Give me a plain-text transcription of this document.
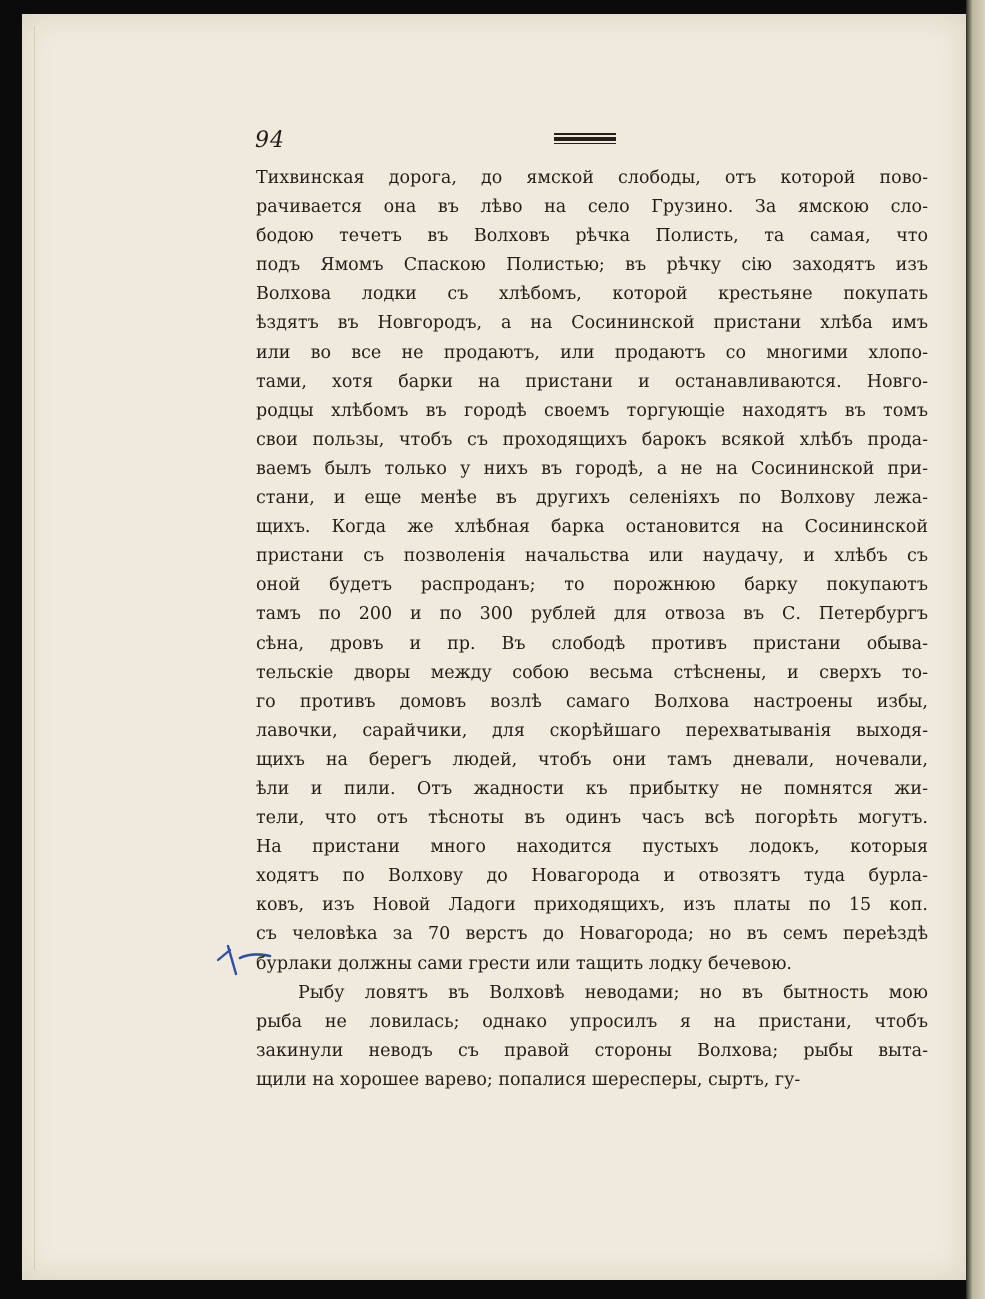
94
Тихвинская дорога, до ямской слободы, отъ которой пово-
рачивается она въ лѣво на село Грузино. За ямскою сло-
бодою течетъ въ Волховъ рѣчка Полисть, та самая, что
подъ Ямомъ Спаскою Полистью; въ рѣчку сію заходятъ изъ
Волхова лодки съ хлѣбомъ, которой крестьяне покупать
ѣздятъ въ Новгородъ, а на Сосининской пристани хлѣба имъ
или во все не продаютъ, или продаютъ со многими хлопо-
тами, хотя барки на пристани и останавливаются. Новго-
родцы хлѣбомъ въ городѣ своемъ торгующіе находятъ въ томъ
свои пользы, чтобъ съ проходящихъ барокъ всякой хлѣбъ прода-
ваемъ былъ только у нихъ въ городѣ, а не на Сосининской при-
стани, и еще менѣе въ другихъ селеніяхъ по Волхову лежа-
щихъ. Когда же хлѣбная барка остановится на Сосининской
пристани съ позволенія начальства или наудачу, и хлѣбъ съ
оной будетъ распроданъ; то порожнюю барку покупаютъ
тамъ по 200 и по 300 рублей для отвоза въ С. Петербургъ
сѣна, дровъ и пр. Въ слободѣ противъ пристани обыва-
тельскіе дворы между собою весьма стѣснены, и сверхъ то-
го противъ домовъ возлѣ самаго Волхова настроены избы,
лавочки, сарайчики, для скорѣйшаго перехватыванія выходя-
щихъ на берегъ людей, чтобъ они тамъ дневали, ночевали,
ѣли и пили. Отъ жадности къ прибытку не помнятся жи-
тели, что отъ тѣсноты въ одинъ часъ всѣ погорѣть могутъ.
На пристани много находится пустыхъ лодокъ, которыя
ходятъ по Волхову до Новагорода и отвозятъ туда бурла-
ковъ, изъ Новой Ладоги приходящихъ, изъ платы по 15 коп.
съ человѣка за 70 верстъ до Новагорода; но въ семъ переѣздѣ
бурлаки должны сами грести или тащить лодку бечевою.
Рыбу ловятъ въ Волховѣ неводами; но въ бытность мою
рыба не ловилась; однако упросилъ я на пристани, чтобъ
закинули неводъ съ правой стороны Волхова; рыбы выта-
щили на хорошее варево; попалися шересперы, сыртъ, гу-
